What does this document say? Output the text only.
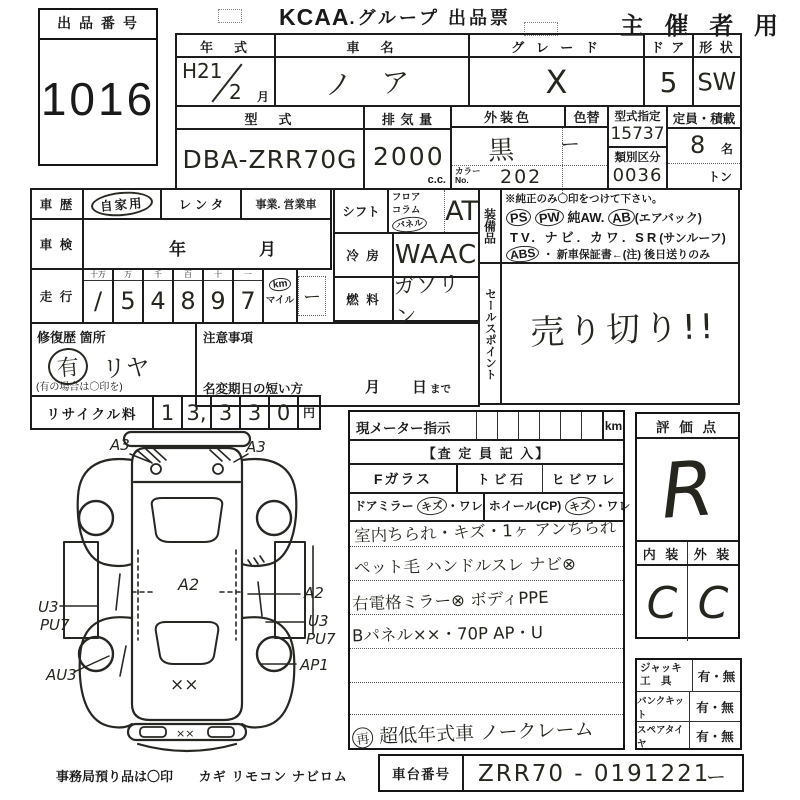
出 品 番 号
1016
KCAA .グループ 出品票	主 催 者 用
年　式
H21
2 月
車　名
ノ ア
グ レ ー ド
X
ド ア
5
形 状
SW
型　式
DBA-ZRR70G
排 気 量
2000
c.c.
外装色	色替
黒 ー
カラー
No.	202
型式指定
15737
類別区分
0036
定員・積載
8 名
トン
車 歴	自家用	レ ン タ	事業. 営業車
車 検	年	月
走 行
十万
/
万
5
千
4
百
8
十
9
一
7
km
マイル ー
修復歴 箇所
有 リヤ
(有の場合は〇印を)
注意事項
名変期日の短い方	月 日 まで
リサイクル料	1 3, 3 3 0	円
シフト
フロア
コラム
パネル AT
冷 房 WAAC
燃 料
ガソリン
装備品
※純正のみ〇印をつけて下さい。
PS PW 純AW. AB (エアバック)
TV. ナビ. カワ. SR(サンルーフ)
ABS ・ 新車保証書←(注) 後日送りのみ
セールスポイント 売り切り!!
現メーター指示	km
【査 定 員 記 入】
Fガラス	ト ビ 石	ヒ ビ ワ レ
ドアミラー キズ ・ワレ ホイール(CP) キズ ・ワレ
室内ちられ・キズ・1ヶ アンちられ
ペット毛 ハンドルスレ ナビ⊗
右電格ミラー⊗ ボディPPE
Bパネル××・70P AP・U
再 超低年式車 ノークレーム
評 価 点
R
内 装 外 装
C C
ジャッキ
工　具	有・無
パンクキット
有・無
スペアタイヤ
有・無
車台番号	ZRR70 - 0191221
ー
事務局預り品は〇印 カギ リモコン ナビロム
A3	A3
A2	A2
U3
PU7
AU3
U3
PU7
AP1
××
××
